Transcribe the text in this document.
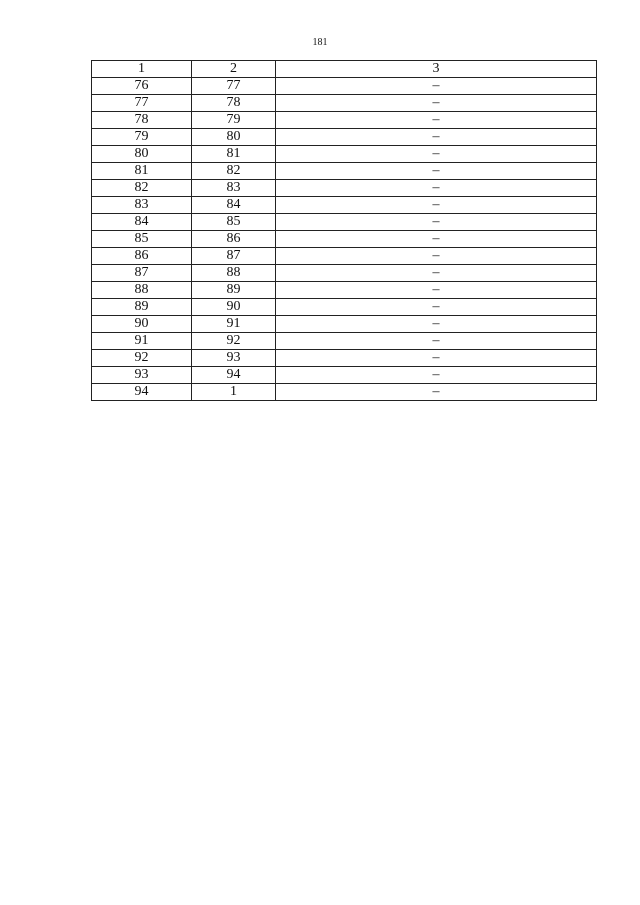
181
1	2	3
76	77	–
77	78	–
78	79	–
79	80	–
80	81	–
81	82	–
82	83	–
83	84	–
84	85	–
85	86	–
86	87	–
87	88	–
88	89	–
89	90	–
90	91	–
91	92	–
92	93	–
93	94	–
94	1	–
